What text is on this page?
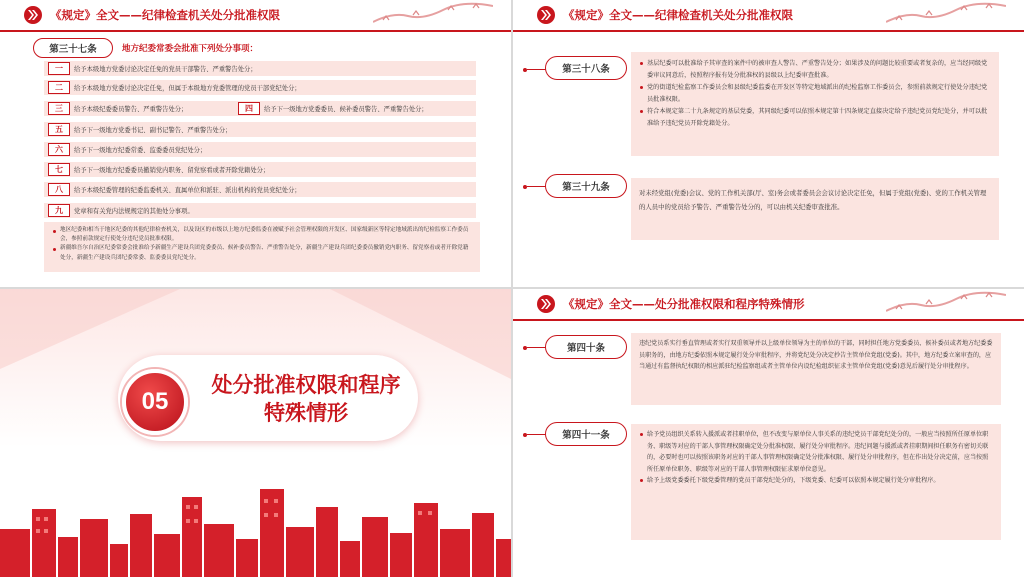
《规定》全文——纪律检查机关处分批准权限
第三十七条	地方纪委常委会批准下列处分事项：
一	给予本级地方党委讨论决定任免的党员干部警告、严重警告处分；
二	给予本级地方党委讨论决定任免，但属于本级地方党委管理的党员干部党纪处分；
三	给予本级纪委委员警告、严重警告处分；	四	给予下一级地方党委委员、候补委员警告、严重警告处分；
五	给予下一级地方党委书记、副书记警告、严重警告处分；
六	给予下一级地方纪委常委、监委委员党纪处分；
七	给予下一级地方纪委委员撤销党内职务、留党察看或者开除党籍处分；
八	给予本级纪委管理的纪委监委机关、直属单位和派驻、派出机构的党员党纪处分；
九	党章和有关党内法规规定的其他处分事项。
地区纪委和相当于地区纪委的其他纪律检查机关，以及设区的市级以上地方纪委监委在被赋予社会管理权限的开发区、国家级新区等特定地域派出的纪检监察工作委员会，参照前款规定行使处分违纪党员批准权限。
新疆维吾尔自治区纪委常委会批准给予新疆生产建设兵团党委委员、候补委员警告、严重警告处分，新疆生产建设兵团纪委委员撤销党内职务、留党察看或者开除党籍处分，新疆生产建设兵团纪委常委、监委委员党纪处分。
《规定》全文——纪律检查机关处分批准权限
第三十八条
基层纪委可以批准给予其审查的案件中的被审查人警告、严重警告处分；如果涉及的问题比较重要或者复杂的，应当经同级党委审议同意后，按照程序报有处分批准权的县级以上纪委审查批准。
党的街道纪检监察工作委员会和县级纪委监委在开发区等特定地域派出的纪检监察工作委员会，参照前款规定行使处分违纪党员批准权限。
符合本规定第二十九条规定的基层党委，其同级纪委可以依照本规定第十四条规定直接决定给予违纪党员党纪处分，并可以批准给予违纪党员开除党籍处分。
第三十九条	对未经党组(党委)会议、党的工作机关部(厅、室)务会或者委员会会议讨论决定任免，但属于党组(党委)、党的工作机关管理的人员中的党员给予警告、严重警告处分的，可以由机关纪委审查批准。
05
处分批准权限和程序
特殊情形
《规定》全文——处分批准权限和程序特殊情形
第四十条	违纪党员系实行垂直管理或者实行双重领导并以上级单位领导为主的单位的干部，同时担任地方党委委员、候补委员或者地方纪委委员职务的，由地方纪委依照本规定履行处分审批程序，并将党纪处分决定抄告主管单位党组(党委)。其中，地方纪委立案审查的，应当通过有监督执纪权限的相应派驻纪检监察组或者主管单位内设纪检组织征求主管单位党组(党委)意见后履行处分审批程序。
第四十一条	给予党员组织关系转入援派或者挂职单位，但不改变与原单位人事关系的违纪党员干部党纪处分的，一般应当按照所任原单位职务、职级等对应的干部人事管理权限确定处分批准权限、履行处分审批程序。违纪问题与援派或者挂职期间担任职务有密切关联的，必要时也可以按照该职务对应的干部人事管理权限确定处分批准权限、履行处分审批程序，但在作出处分决定前，应当按照所任原单位职务、职级等对应的干部人事管理权限征求原单位意见。
给予上级党委委托下级党委管理的党员干部党纪处分的，下级党委、纪委可以依照本规定履行处分审批程序。
